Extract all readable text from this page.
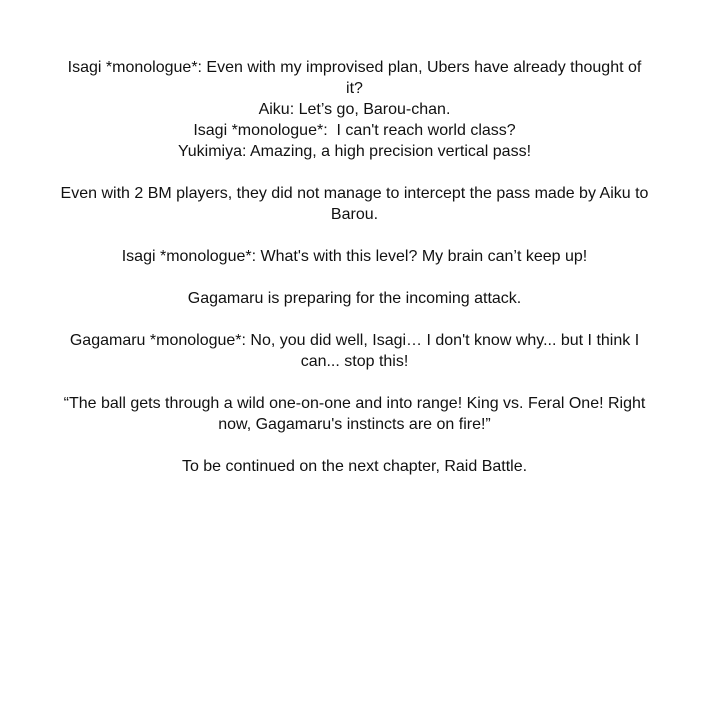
Isagi *monologue*: Even with my improvised plan, Ubers have already thought of it?
Aiku: Let’s go, Barou-chan.
Isagi *monologue*:  I can't reach world class?
Yukimiya: Amazing, a high precision vertical pass!

Even with 2 BM players, they did not manage to intercept the pass made by Aiku to Barou.

Isagi *monologue*: What's with this level? My brain can’t keep up!

Gagamaru is preparing for the incoming attack.

Gagamaru *monologue*: No, you did well, Isagi… I don't know why... but I think I can... stop this!

“The ball gets through a wild one-on-one and into range! King vs. Feral One! Right now, Gagamaru's instincts are on fire!”

To be continued on the next chapter, Raid Battle.
